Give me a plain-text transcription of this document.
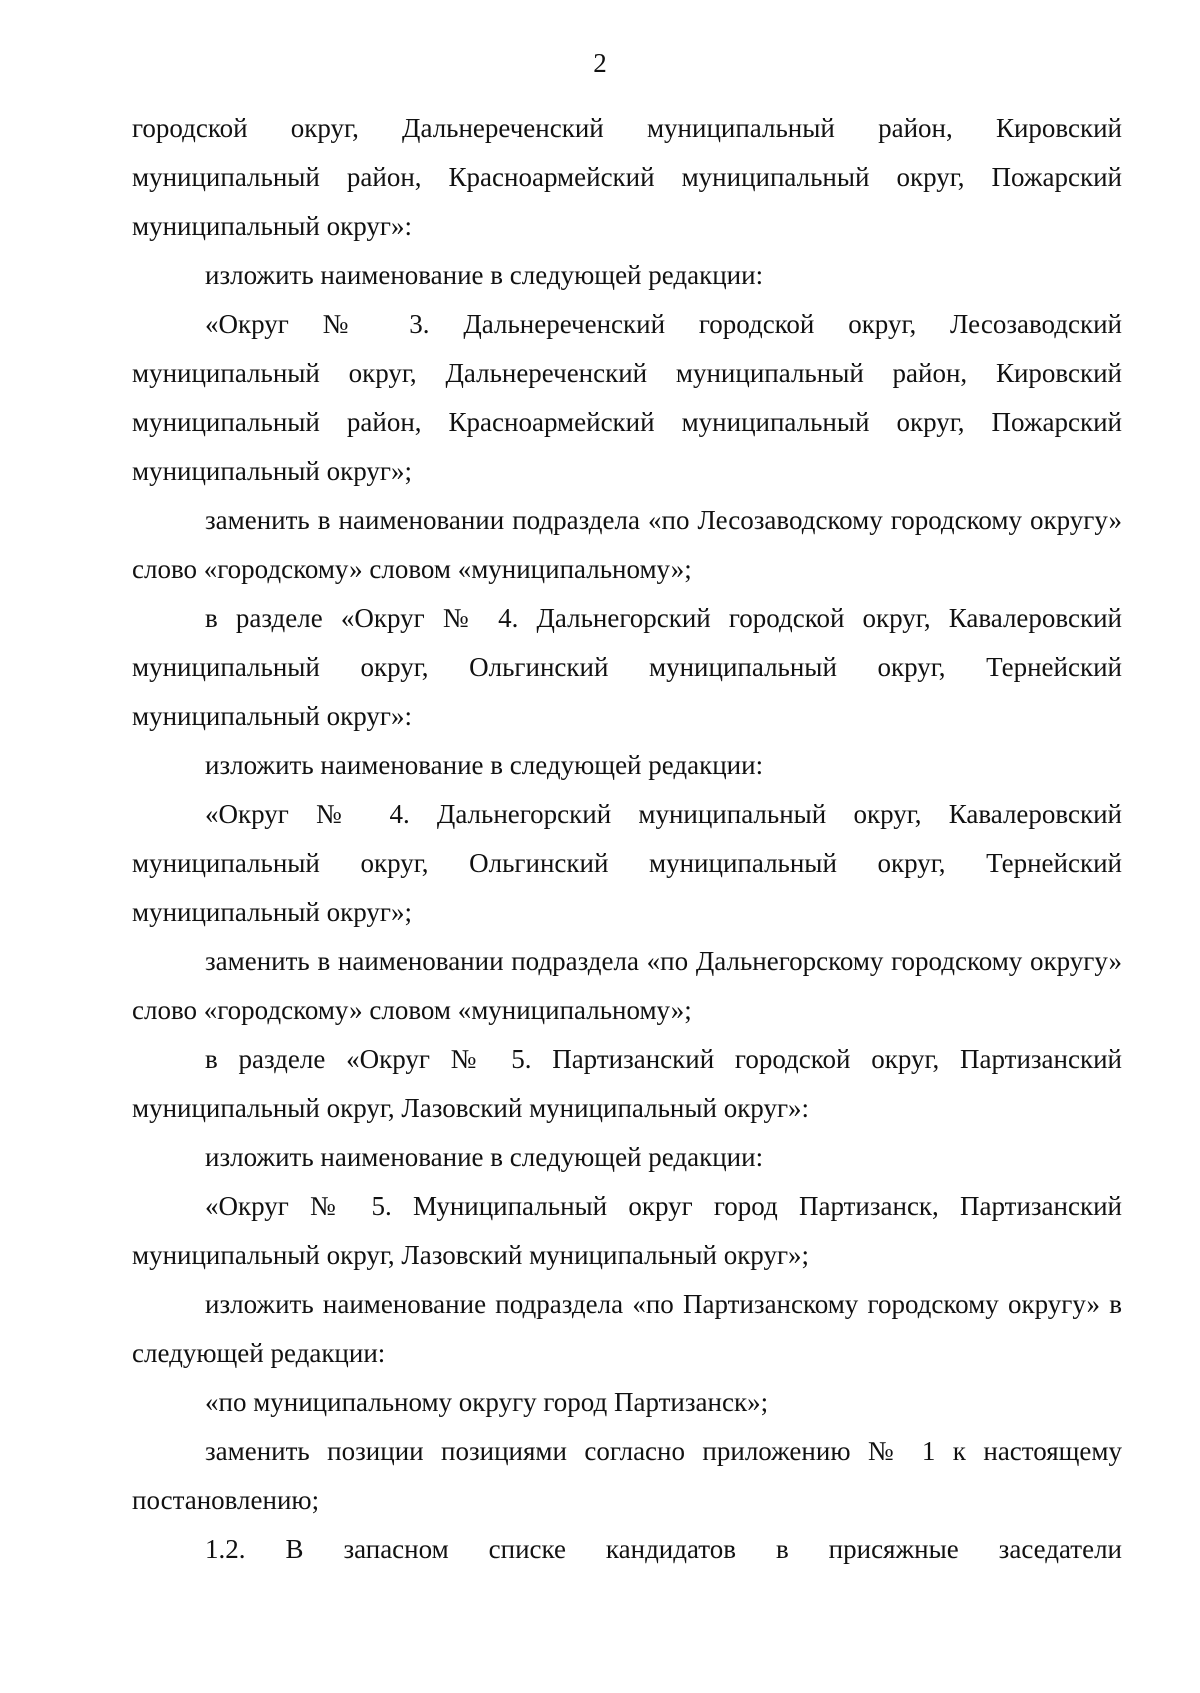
2

городской округ, Дальнереченский муниципальный район, Кировский муниципальный район, Красноармейский муниципальный округ, Пожарский муниципальный округ»:

изложить наименование в следующей редакции:

«Округ № 3. Дальнереченский городской округ, Лесозаводский муниципальный округ, Дальнереченский муниципальный район, Кировский муниципальный район, Красноармейский муниципальный округ, Пожарский муниципальный округ»;

заменить в наименовании подраздела «по Лесозаводскому городскому округу» слово «городскому» словом «муниципальному»;

в разделе «Округ № 4. Дальнегорский городской округ, Кавалеровский муниципальный округ, Ольгинский муниципальный округ, Тернейский муниципальный округ»:

изложить наименование в следующей редакции:

«Округ № 4. Дальнегорский муниципальный округ, Кавалеровский муниципальный округ, Ольгинский муниципальный округ, Тернейский муниципальный округ»;

заменить в наименовании подраздела «по Дальнегорскому городскому округу» слово «городскому» словом «муниципальному»;

в разделе «Округ № 5. Партизанский городской округ, Партизанский муниципальный округ, Лазовский муниципальный округ»:

изложить наименование в следующей редакции:

«Округ № 5. Муниципальный округ город Партизанск, Партизанский муниципальный округ, Лазовский муниципальный округ»;

изложить наименование подраздела «по Партизанскому городскому округу» в следующей редакции:

«по муниципальному округу город Партизанск»;

заменить позиции позициями согласно приложению № 1 к настоящему постановлению;

1.2. В запасном списке кандидатов в присяжные заседатели
